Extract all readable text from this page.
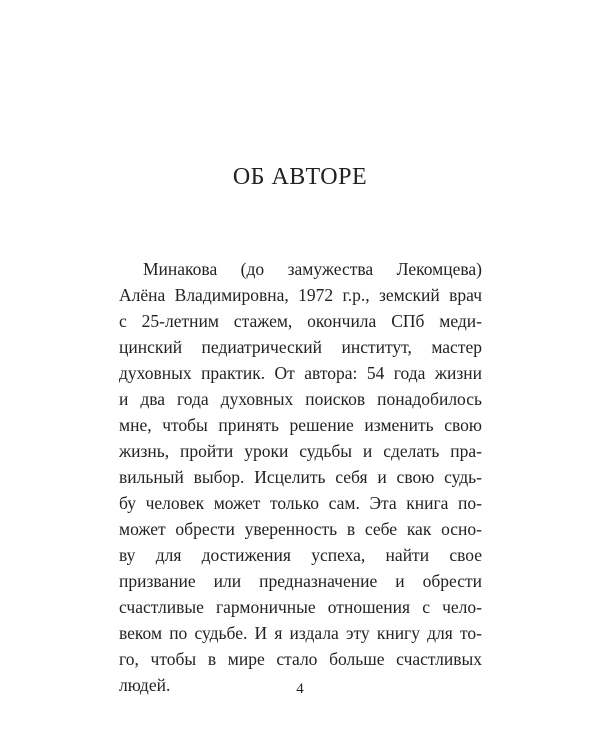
ОБ АВТОРЕ
Минакова (до замужества Лекомцева)
Алёна Владимировна, 1972 г.р., земский врач
с 25-летним стажем, окончила СПб меди-
цинский педиатрический институт, мастер
духовных практик. От автора: 54 года жизни
и два года духовных поисков понадобилось
мне, чтобы принять решение изменить свою
жизнь, пройти уроки судьбы и сделать пра-
вильный выбор. Исцелить себя и свою судь-
бу человек может только сам. Эта книга по-
может обрести уверенность в себе как осно-
ву для достижения успеха, найти свое
призвание или предназначение и обрести
счастливые гармоничные отношения с чело-
веком по судьбе. И я издала эту книгу для то-
го, чтобы в мире стало больше счастливых
людей.	4
